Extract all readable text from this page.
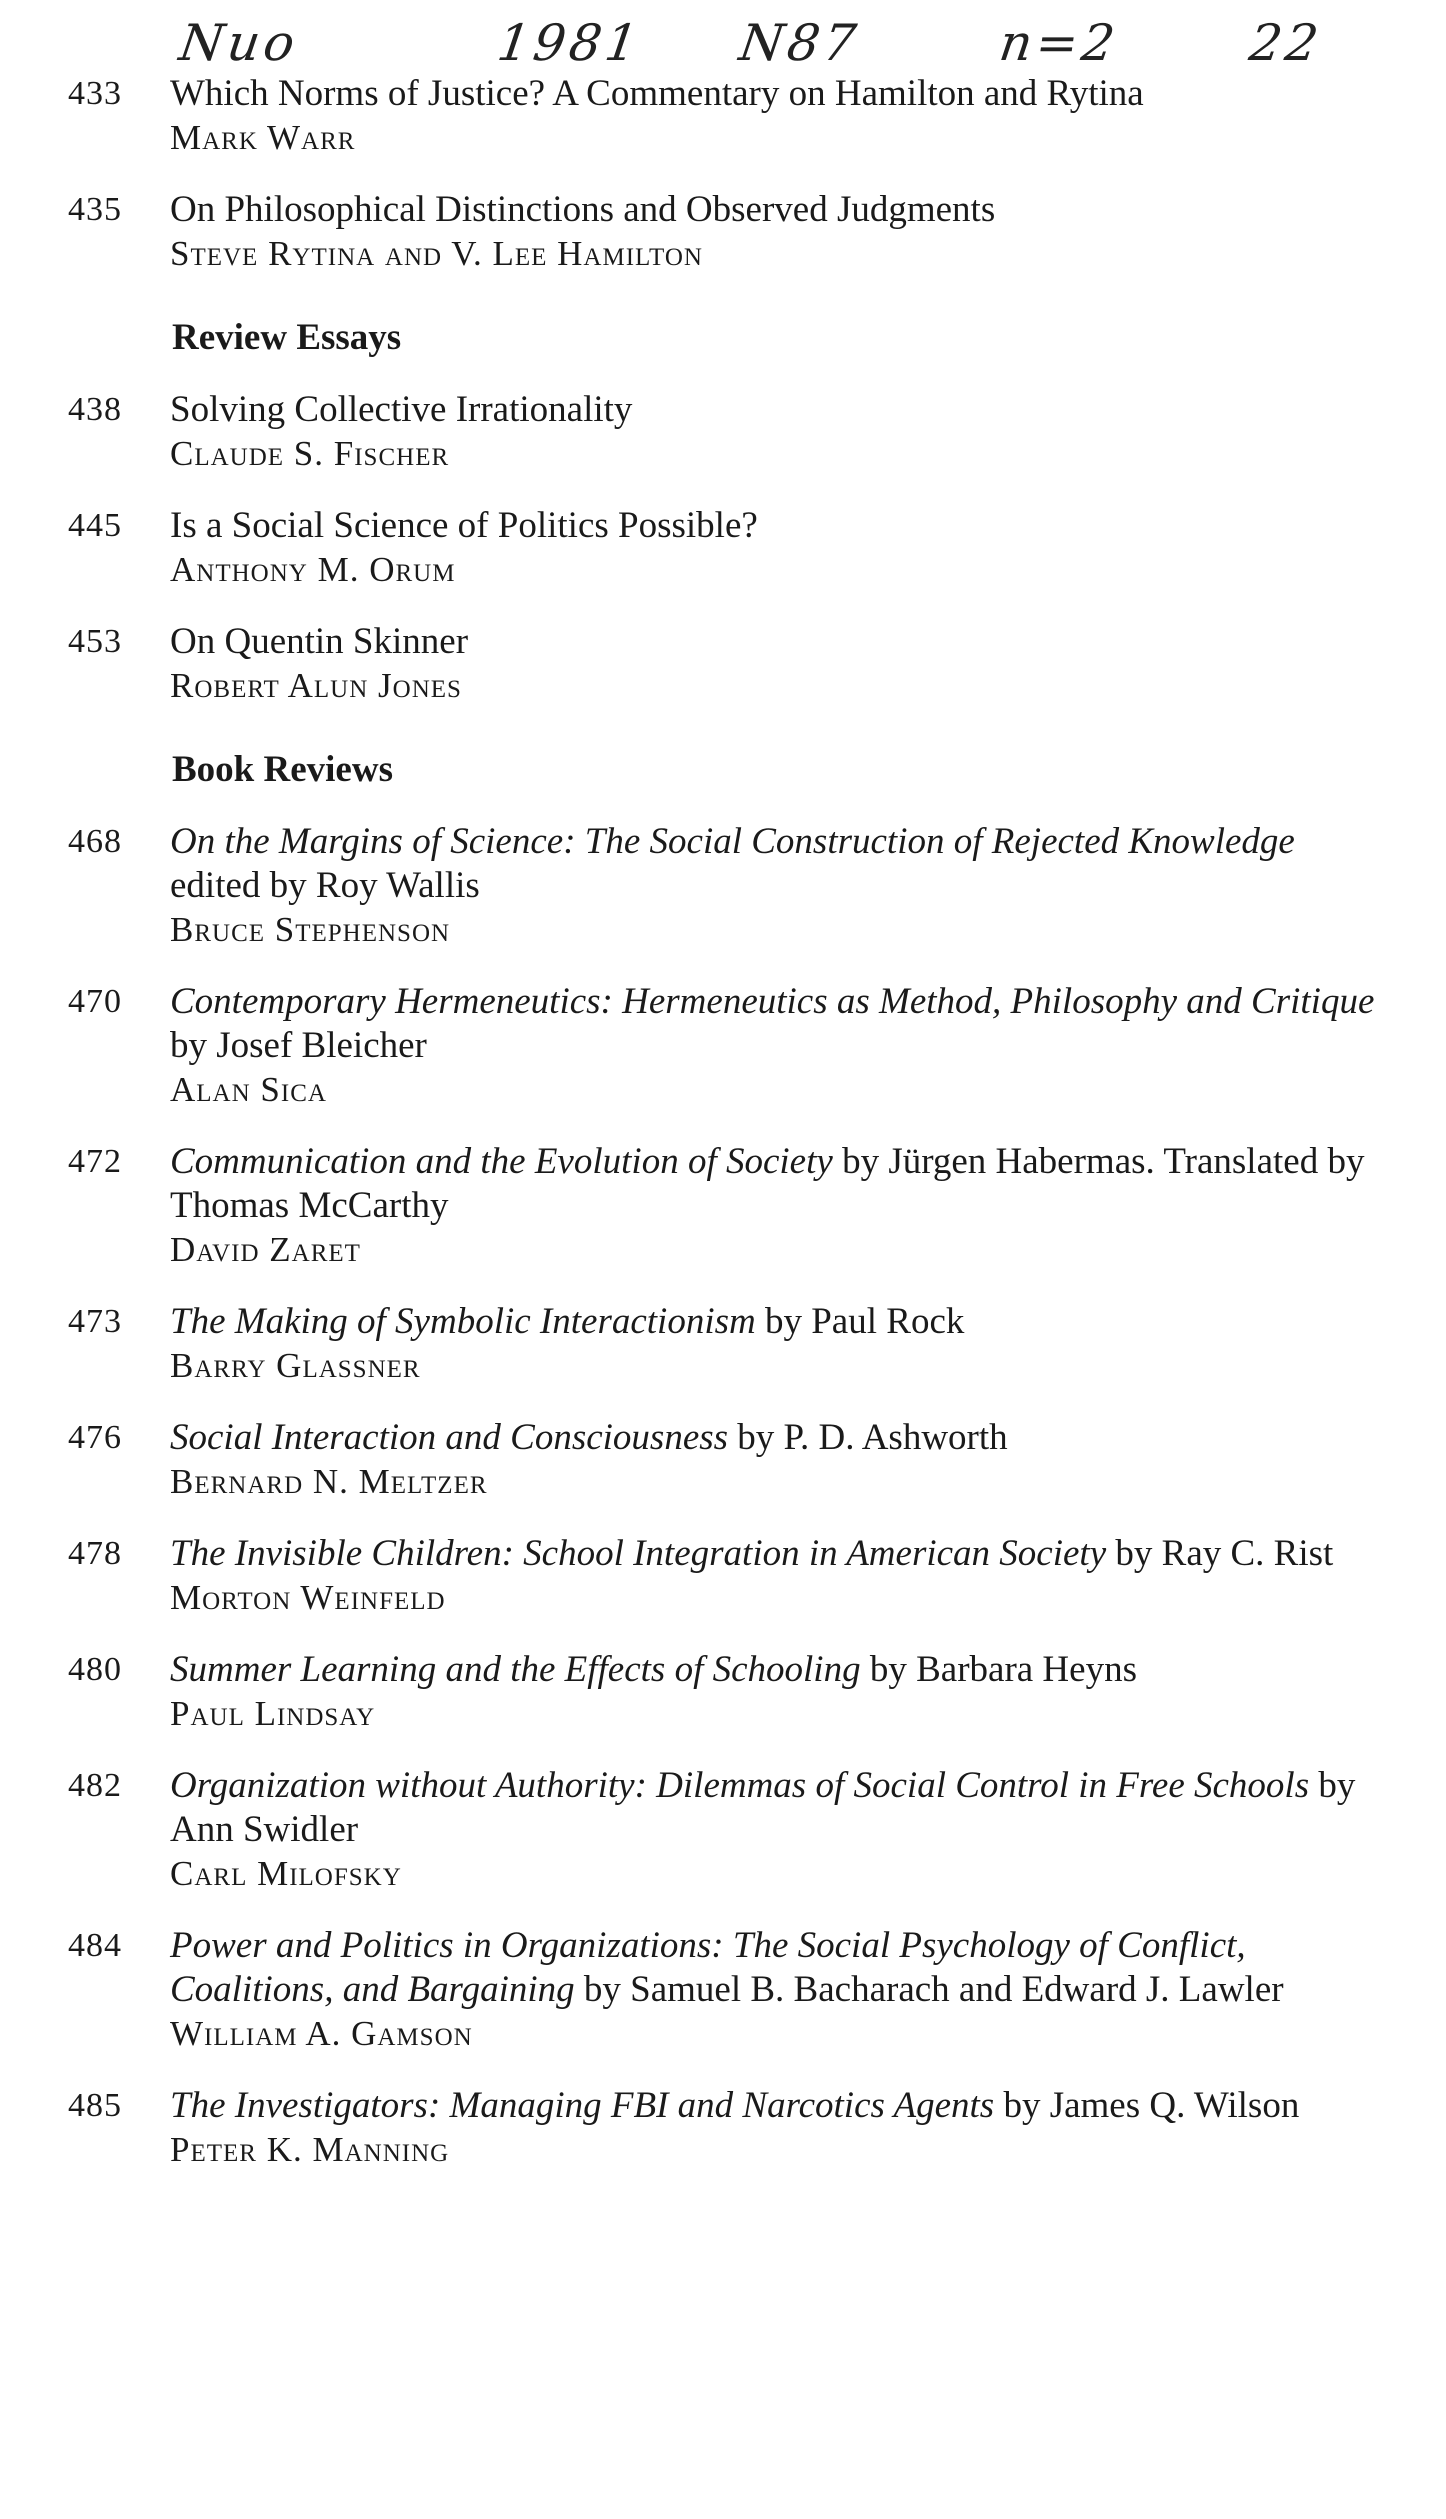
Nuo	1981 N87	n=2 22
433 Which Norms of Justice? A Commentary on Hamilton and Rytina
Mark Warr
435 On Philosophical Distinctions and Observed Judgments
Steve Rytina and V. Lee Hamilton
Review Essays
438 Solving Collective Irrationality
Claude S. Fischer
445 Is a Social Science of Politics Possible?
Anthony M. Orum
453 On Quentin Skinner
Robert Alun Jones
Book Reviews
468 On the Margins of Science: The Social Construction of Rejected Knowledge edited by Roy Wallis
Bruce Stephenson
470 Contemporary Hermeneutics: Hermeneutics as Method, Philosophy and Critique by Josef Bleicher
Alan Sica
472 Communication and the Evolution of Society by Jürgen Habermas. Translated by Thomas McCarthy
David Zaret
473 The Making of Symbolic Interactionism by Paul Rock
Barry Glassner
476 Social Interaction and Consciousness by P. D. Ashworth
Bernard N. Meltzer
478 The Invisible Children: School Integration in American Society by Ray C. Rist
Morton Weinfeld
480 Summer Learning and the Effects of Schooling by Barbara Heyns
Paul Lindsay
482 Organization without Authority: Dilemmas of Social Control in Free Schools by Ann Swidler
Carl Milofsky
484 Power and Politics in Organizations: The Social Psychology of Conflict, Coalitions, and Bargaining by Samuel B. Bacharach and Edward J. Lawler
William A. Gamson
485 The Investigators: Managing FBI and Narcotics Agents by James Q. Wilson
Peter K. Manning
